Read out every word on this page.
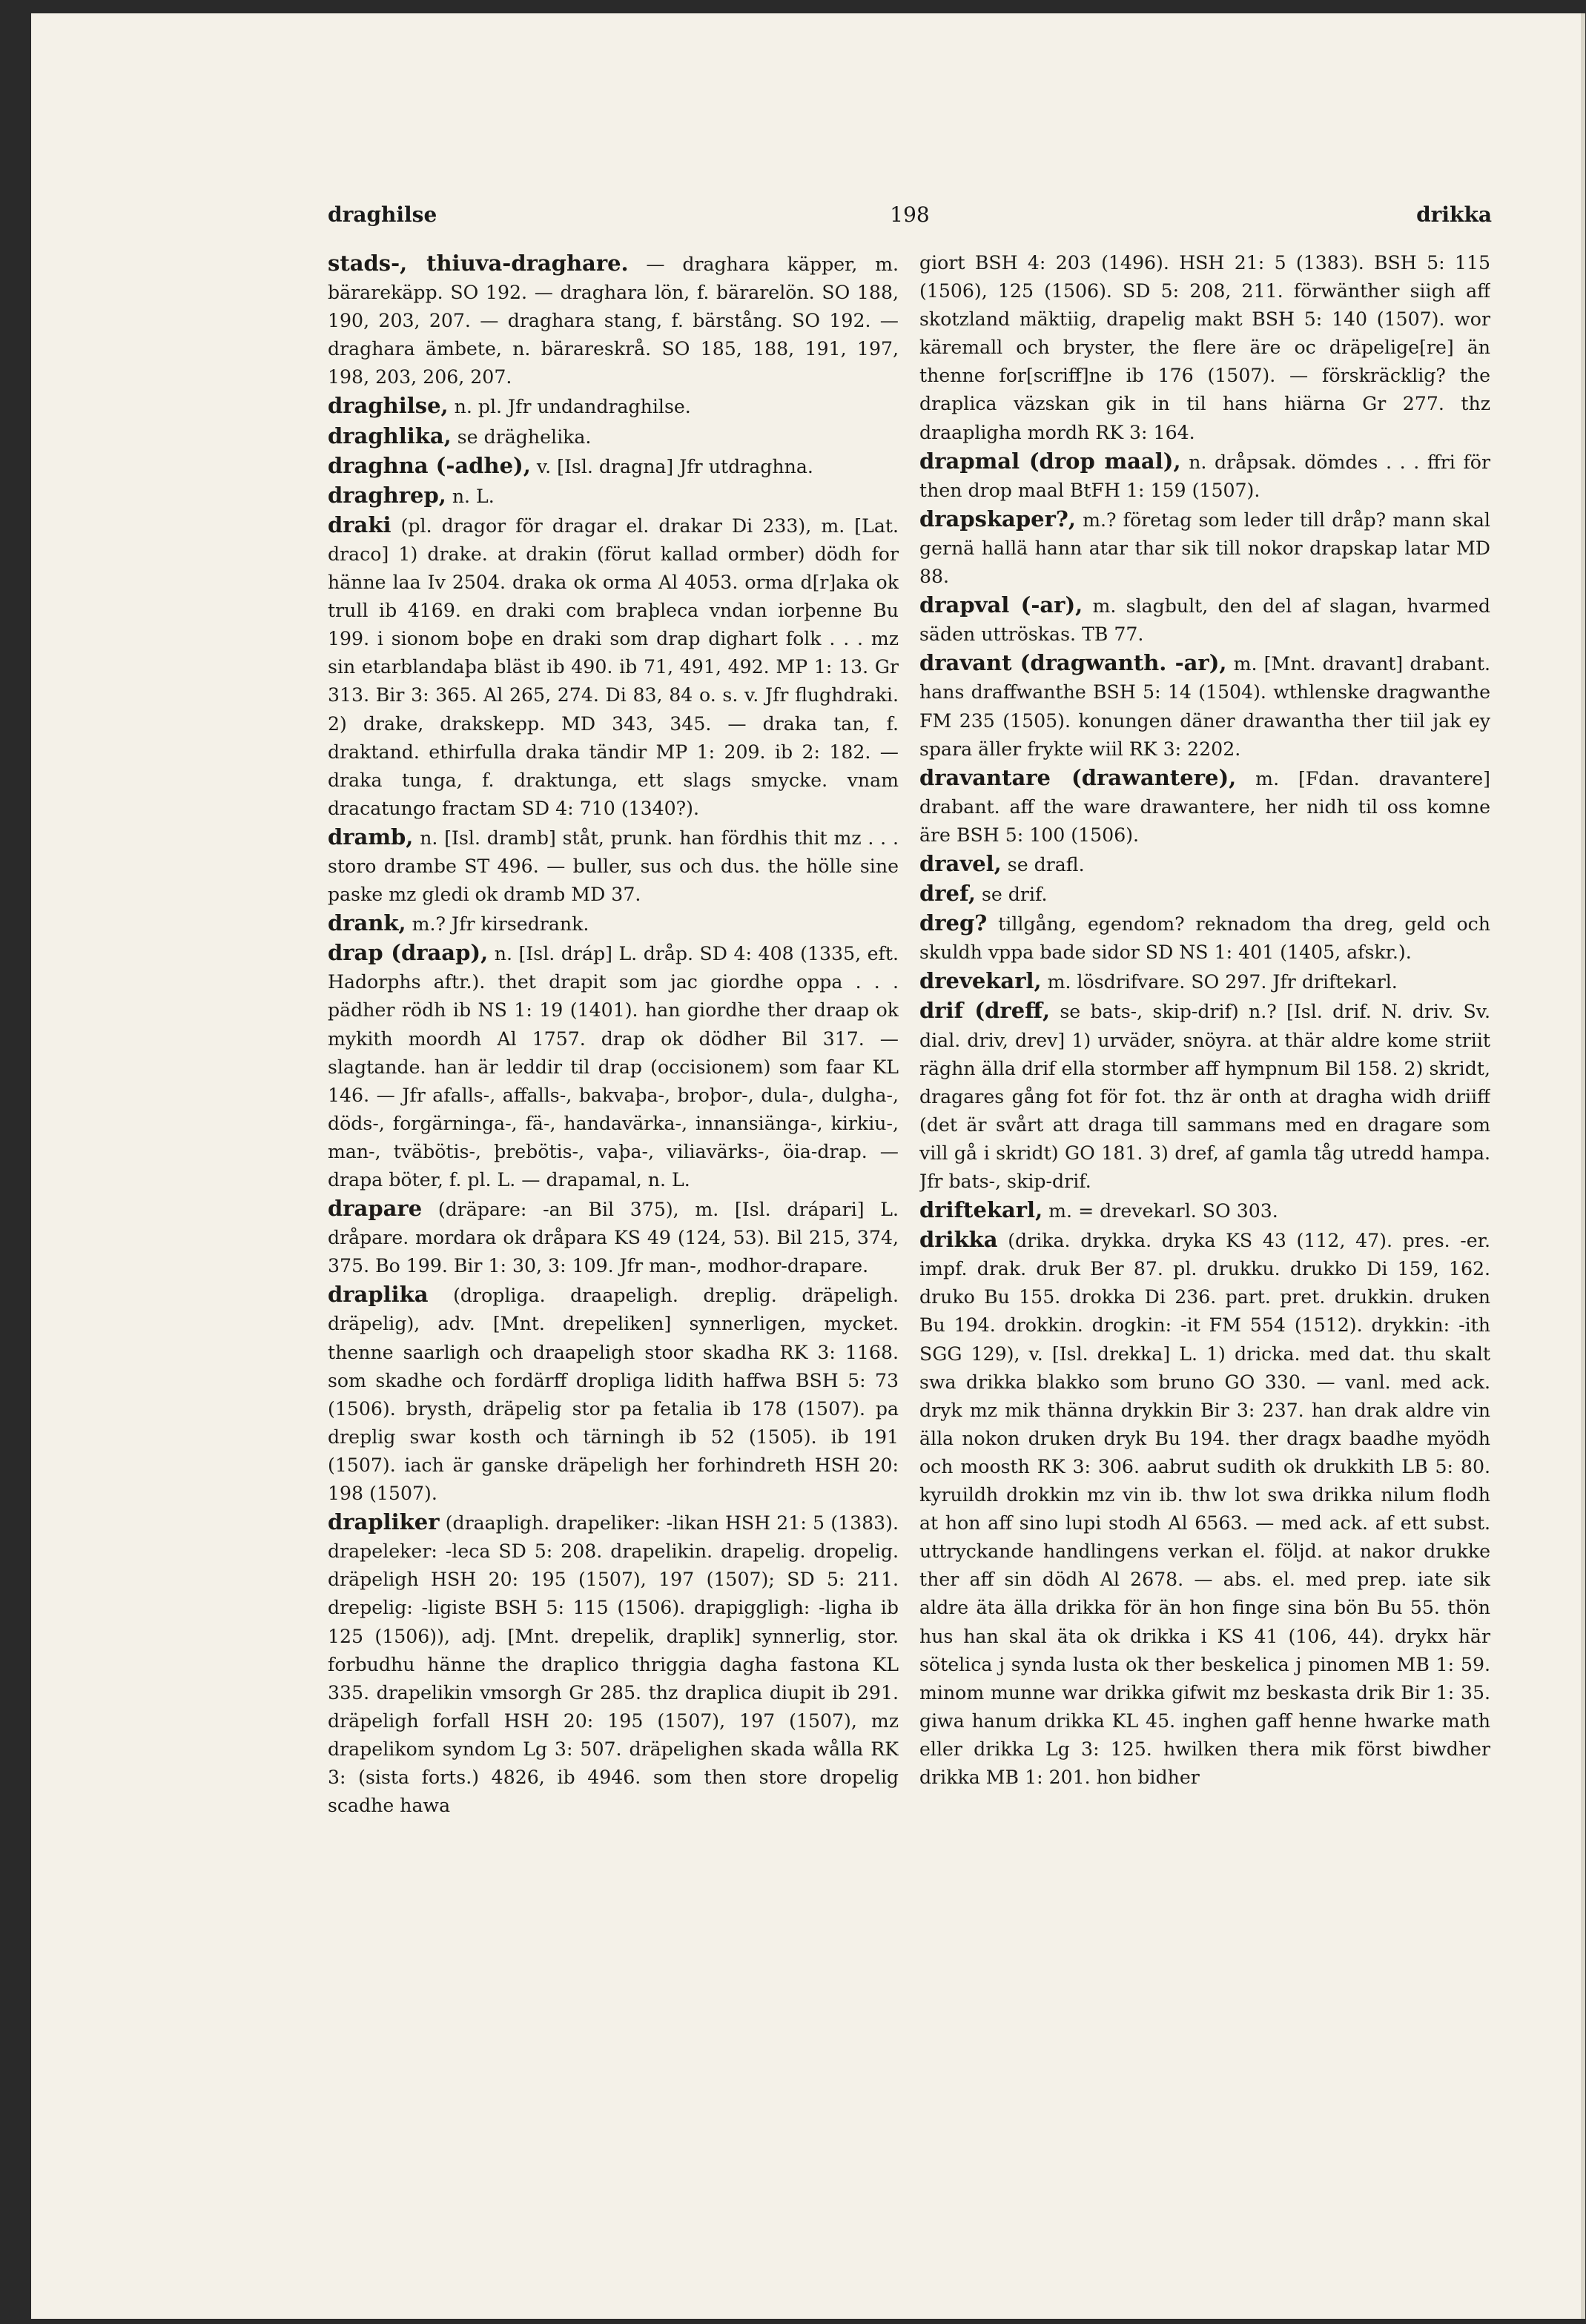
draghilse	198	drikka

stads-, thiuva-draghare. — draghara käpper, m. bärarekäpp. SO 192. — draghara lön, f. bärarelön. SO 188, 190, 203, 207. — draghara stang, f. bärstång. SO 192. — draghara ämbete, n. bärareskrå. SO 185, 188, 191, 197, 198, 203, 206, 207.

draghilse, n. pl. Jfr undandraghilse.

draghlika, se dräghelika.

draghna (-adhe), v. [Isl. dragna] Jfr utdraghna.

draghrep, n. L.

draki (pl. dragor för dragar el. drakar Di 233), m. [Lat. draco] 1) drake. at drakin (förut kallad ormber) dödh for hänne laa Iv 2504. draka ok orma Al 4053. orma d[r]aka ok trull ib 4169. en draki com braþleca vndan iorþenne Bu 199. i sionom boþe en draki som drap dighart folk . . . mz sin etarblandaþa bläst ib 490. ib 71, 491, 492. MP 1: 13. Gr 313. Bir 3: 365. Al 265, 274. Di 83, 84 o. s. v. Jfr flughdraki. 2) drake, drakskepp. MD 343, 345. — draka tan, f. draktand. ethirfulla draka tändir MP 1: 209. ib 2: 182. — draka tunga, f. draktunga, ett slags smycke. vnam dracatungo fractam SD 4: 710 (1340?).

dramb, n. [Isl. dramb] ståt, prunk. han fördhis thit mz . . . storo drambe ST 496. — buller, sus och dus. the hölle sine paske mz gledi ok dramb MD 37.

drank, m.? Jfr kirsedrank.

drap (draap), n. [Isl. dráp] L. dråp. SD 4: 408 (1335, eft. Hadorphs aftr.). thet drapit som jac giordhe oppa . . . pädher rödh ib NS 1: 19 (1401). han giordhe ther draap ok mykith moordh Al 1757. drap ok dödher Bil 317. — slagtande. han är leddir til drap (occisionem) som faar KL 146. — Jfr afalls-, affalls-, bakvaþa-, broþor-, dula-, dulgha-, döds-, forgärninga-, fä-, handavärka-, innansiänga-, kirkiu-, man-, tväbötis-, þrebötis-, vaþa-, viliavärks-, öia-drap. — drapa böter, f. pl. L. — drapamal, n. L.

drapare (dräpare: -an Bil 375), m. [Isl. drápari] L. dråpare. mordara ok dråpara KS 49 (124, 53). Bil 215, 374, 375. Bo 199. Bir 1: 30, 3: 109. Jfr man-, modhor-drapare.

draplika (dropliga. draapeligh. dreplig. dräpeligh. dräpelig), adv. [Mnt. drepeliken] synnerligen, mycket. thenne saarligh och draapeligh stoor skadha RK 3: 1168. som skadhe och fordärff dropliga lidith haffwa BSH 5: 73 (1506). brysth, dräpelig stor pa fetalia ib 178 (1507). pa dreplig swar kosth och tärningh ib 52 (1505). ib 191 (1507). iach är ganske dräpeligh her forhindreth HSH 20: 198 (1507).

drapliker (draapligh. drapeliker: -likan HSH 21: 5 (1383). drapeleker: -leca SD 5: 208. drapelikin. drapelig. dropelig. dräpeligh HSH 20: 195 (1507), 197 (1507); SD 5: 211. drepelig: -ligiste BSH 5: 115 (1506). drapiggligh: -ligha ib 125 (1506)), adj. [Mnt. drepelik, draplik] synnerlig, stor. forbudhu hänne the draplico thriggia dagha fastona KL 335. drapelikin vmsorgh Gr 285. thz draplica diupit ib 291. dräpeligh forfall HSH 20: 195 (1507), 197 (1507), mz drapelikom syndom Lg 3: 507. dräpelighen skada wålla RK 3: (sista forts.) 4826, ib 4946. som then store dropelig scadhe hawa

giort BSH 4: 203 (1496). HSH 21: 5 (1383). BSH 5: 115 (1506), 125 (1506). SD 5: 208, 211. förwänther siigh aff skotzland mäktiig, drapelig makt BSH 5: 140 (1507). wor käremall och bryster, the flere äre oc dräpelige[re] än thenne for[scriff]ne ib 176 (1507). — förskräcklig? the draplica väzskan gik in til hans hiärna Gr 277. thz draapligha mordh RK 3: 164.

drapmal (drop maal), n. dråpsak. dömdes . . . ffri för then drop maal BtFH 1: 159 (1507).

drapskaper?, m.? företag som leder till dråp? mann skal gernä hallä hann atar thar sik till nokor drapskap latar MD 88.

drapval (-ar), m. slagbult, den del af slagan, hvarmed säden uttröskas. TB 77.

dravant (dragwanth. -ar), m. [Mnt. dravant] drabant. hans draffwanthe BSH 5: 14 (1504). wthlenske dragwanthe FM 235 (1505). konungen däner drawantha ther tiil jak ey spara äller frykte wiil RK 3: 2202.

dravantare (drawantere), m. [Fdan. dravantere] drabant. aff the ware drawantere, her nidh til oss komne äre BSH 5: 100 (1506).

dravel, se drafl.

dref, se drif.

dreg? tillgång, egendom? reknadom tha dreg, geld och skuldh vppa bade sidor SD NS 1: 401 (1405, afskr.).

drevekarl, m. lösdrifvare. SO 297. Jfr driftekarl.

drif (dreff, se bats-, skip-drif) n.? [Isl. drif. N. driv. Sv. dial. driv, drev] 1) urväder, snöyra. at thär aldre kome striit räghn älla drif ella stormber aff hympnum Bil 158. 2) skridt, dragares gång fot för fot. thz är onth at dragha widh driiff (det är svårt att draga till sammans med en dragare som vill gå i skridt) GO 181. 3) dref, af gamla tåg utredd hampa. Jfr bats-, skip-drif.

driftekarl, m. = drevekarl. SO 303.

drikka (drika. drykka. dryka KS 43 (112, 47). pres. -er. impf. drak. druk Ber 87. pl. drukku. drukko Di 159, 162. druko Bu 155. drokka Di 236. part. pret. drukkin. druken Bu 194. drokkin. drogkin: -it FM 554 (1512). drykkin: -ith SGG 129), v. [Isl. drekka] L. 1) dricka. med dat. thu skalt swa drikka blakko som bruno GO 330. — vanl. med ack. dryk mz mik thänna drykkin Bir 3: 237. han drak aldre vin älla nokon druken dryk Bu 194. ther dragx baadhe myödh och moosth RK 3: 306. aabrut sudith ok drukkith LB 5: 80. kyruildh drokkin mz vin ib. thw lot swa drikka nilum flodh at hon aff sino lupi stodh Al 6563. — med ack. af ett subst. uttryckande handlingens verkan el. följd. at nakor drukke ther aff sin dödh Al 2678. — abs. el. med prep. iate sik aldre äta älla drikka för än hon finge sina bön Bu 55. thön hus han skal äta ok drikka i KS 41 (106, 44). drykx här sötelica j synda lusta ok ther beskelica j pinomen MB 1: 59. minom munne war drikka gifwit mz beskasta drik Bir 1: 35. giwa hanum drikka KL 45. inghen gaff henne hwarke math eller drikka Lg 3: 125. hwilken thera mik först biwdher drikka MB 1: 201. hon bidher
